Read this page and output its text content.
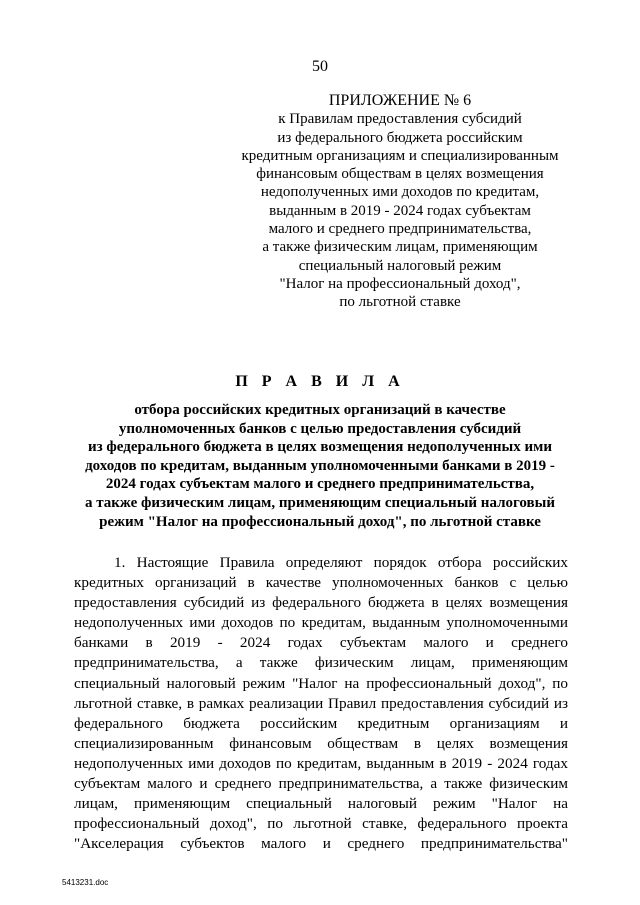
50
ПРИЛОЖЕНИЕ № 6
к Правилам предоставления субсидий
из федерального бюджета российским
кредитным организациям и специализированным
финансовым обществам в целях возмещения
недополученных ими доходов по кредитам,
выданным в 2019 - 2024 годах субъектам
малого и среднего предпринимательства,
а также физическим лицам, применяющим
специальный налоговый режим
"Налог на профессиональный доход",
по льготной ставке
П Р А В И Л А
отбора российских кредитных организаций в качестве
уполномоченных банков с целью предоставления субсидий
из федерального бюджета в целях возмещения недополученных ими
доходов по кредитам, выданным уполномоченными банками в 2019 -
2024 годах субъектам малого и среднего предпринимательства,
а также физическим лицам, применяющим специальный налоговый
режим "Налог на профессиональный доход", по льготной ставке
1. Настоящие Правила определяют порядок отбора российских
кредитных организаций в качестве уполномоченных банков с целью
предоставления субсидий из федерального бюджета в целях возмещения
недополученных ими доходов по кредитам, выданным уполномоченными
банками в 2019 - 2024 годах субъектам малого и среднего
предпринимательства, а также физическим лицам, применяющим
специальный налоговый режим "Налог на профессиональный доход", по
льготной ставке, в рамках реализации Правил предоставления субсидий из
федерального бюджета российским кредитным организациям и
специализированным финансовым обществам в целях возмещения
недополученных ими доходов по кредитам, выданным в 2019 - 2024 годах
субъектам малого и среднего предпринимательства, а также физическим
лицам, применяющим специальный налоговый режим "Налог на
профессиональный доход", по льготной ставке, федерального проекта
"Акселерация субъектов малого и среднего предпринимательства"
5413231.doc
